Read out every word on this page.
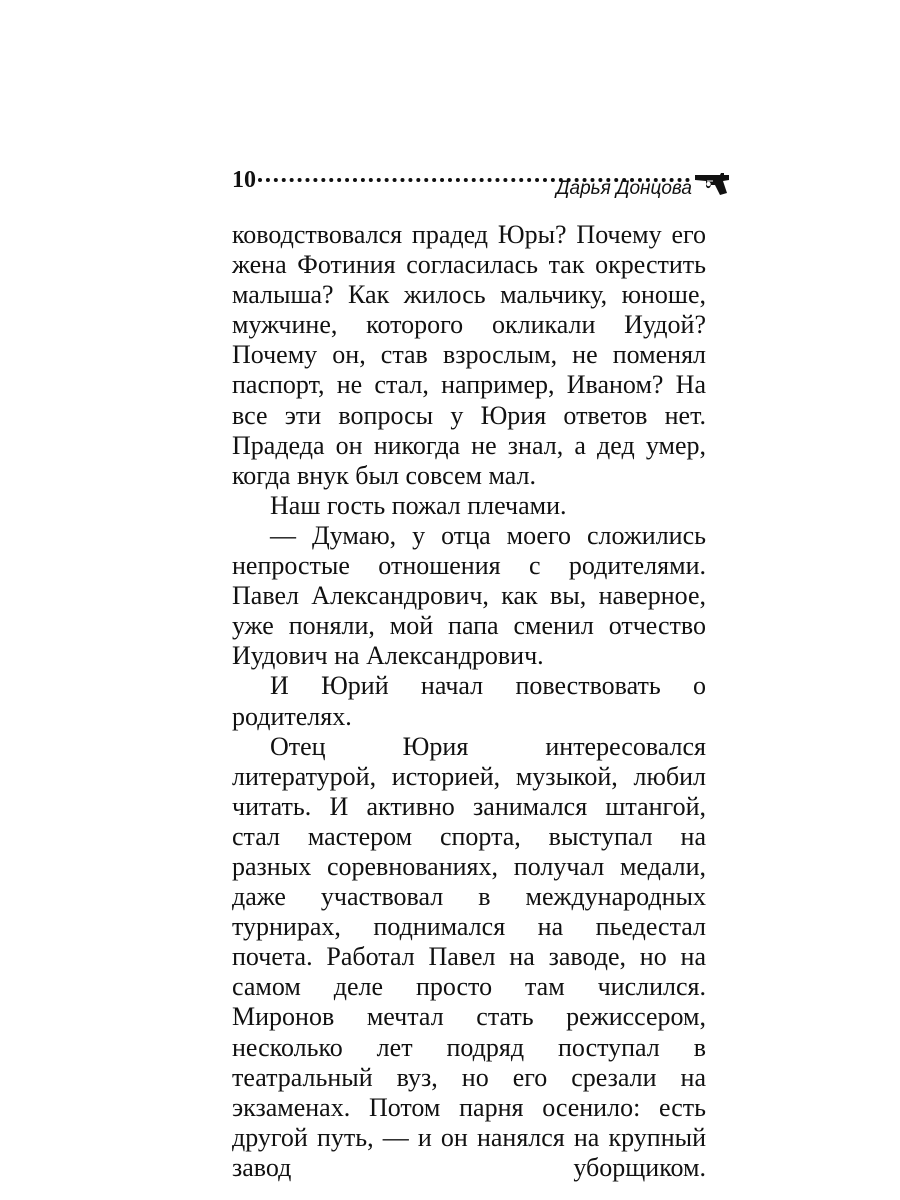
10	Дарья Донцова

ководствовался прадед Юры? Почему его жена Фотиния согласилась так окрестить малыша? Как жилось мальчику, юноше, мужчине, которого окликали Иудой? Почему он, став взрослым, не поменял паспорт, не стал, например, Иваном? На все эти вопросы у Юрия ответов нет. Прадеда он никогда не знал, а дед умер, когда внук был совсем мал.

Наш гость пожал плечами.

— Думаю, у отца моего сложились непростые отношения с родителями. Павел Александрович, как вы, наверное, уже поняли, мой папа сменил отчество Иудович на Александрович.

И Юрий начал повествовать о родителях.

Отец Юрия интересовался литературой, историей, музыкой, любил читать. И активно занимался штангой, стал мастером спорта, выступал на разных соревнованиях, получал медали, даже участвовал в международных турнирах, поднимался на пьедестал почета. Работал Павел на заводе, но на самом деле просто там числился. Миронов мечтал стать режиссером, несколько лет подряд поступал в театральный вуз, но его срезали на экзаменах. Потом парня осенило: есть другой путь, — и он нанялся на крупный завод уборщиком.
